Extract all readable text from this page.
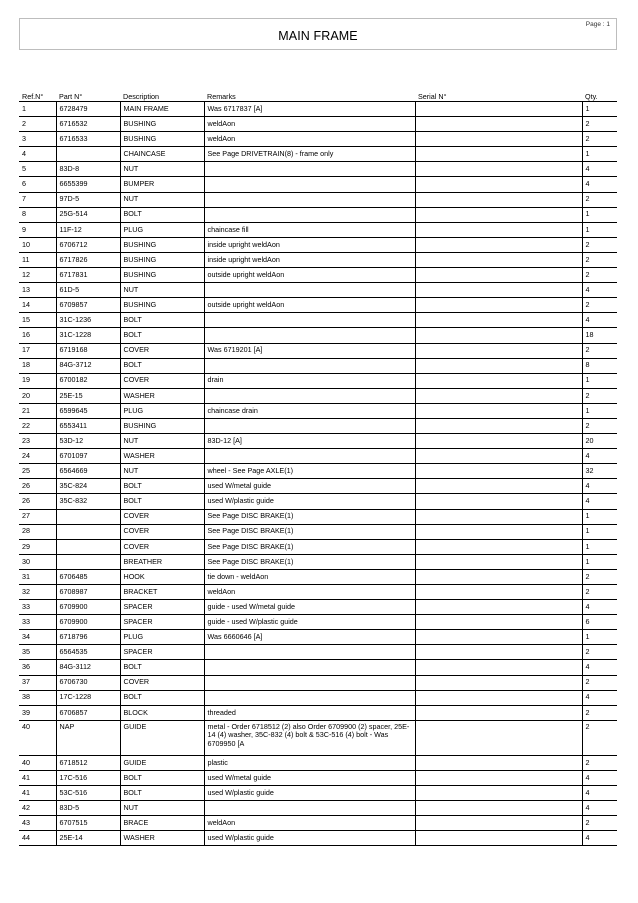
Page : 1
MAIN FRAME
Ref.N°	Part N°	Description	Remarks	Serial N°	Qty.
1	6728479	MAIN FRAME	Was 6717837 [A]		1
2	6716532	BUSHING	weldAon		2
3	6716533	BUSHING	weldAon		2
4		CHAINCASE	See Page DRIVETRAIN(8) - frame only		1
5	83D-8	NUT			4
6	6655399	BUMPER			4
7	97D-5	NUT			2
8	25G-514	BOLT			1
9	11F-12	PLUG	chaincase fill		1
10	6706712	BUSHING	inside upright weldAon		2
11	6717826	BUSHING	inside upright weldAon		2
12	6717831	BUSHING	outside upright weldAon		2
13	61D-5	NUT			4
14	6709857	BUSHING	outside upright weldAon		2
15	31C-1236	BOLT			4
16	31C-1228	BOLT			18
17	6719168	COVER	Was 6719201 [A]		2
18	84G-3712	BOLT			8
19	6700182	COVER	drain		1
20	25E-15	WASHER			2
21	6599645	PLUG	chaincase drain		1
22	6553411	BUSHING			2
23	53D-12	NUT	83D-12 [A]		20
24	6701097	WASHER			4
25	6564669	NUT	wheel - See Page AXLE(1)		32
26	35C-824	BOLT	used W/metal guide		4
26	35C-832	BOLT	used W/plastic guide		4
27		COVER	See Page DISC BRAKE(1)		1
28		COVER	See Page DISC BRAKE(1)		1
29		COVER	See Page DISC BRAKE(1)		1
30		BREATHER	See Page DISC BRAKE(1)		1
31	6706485	HOOK	tie down - weldAon		2
32	6708987	BRACKET	weldAon		2
33	6709900	SPACER	guide - used W/metal guide		4
33	6709900	SPACER	guide - used W/plastic guide		6
34	6718796	PLUG	Was 6660646 [A]		1
35	6564535	SPACER			2
36	84G-3112	BOLT			4
37	6706730	COVER			2
38	17C-1228	BOLT			4
39	6706857	BLOCK	threaded		2
40	NAP	GUIDE	metal - Order 6718512 (2) also Order 6709900 (2) spacer, 25E-14 (4) washer, 35C-832 (4) bolt & 53C-516 (4) bolt - Was 6709950 [A		2
40	6718512	GUIDE	plastic		2
41	17C-516	BOLT	used W/metal guide		4
41	53C-516	BOLT	used W/plastic guide		4
42	83D-5	NUT			4
43	6707515	BRACE	weldAon		2
44	25E-14	WASHER	used W/plastic guide		4
